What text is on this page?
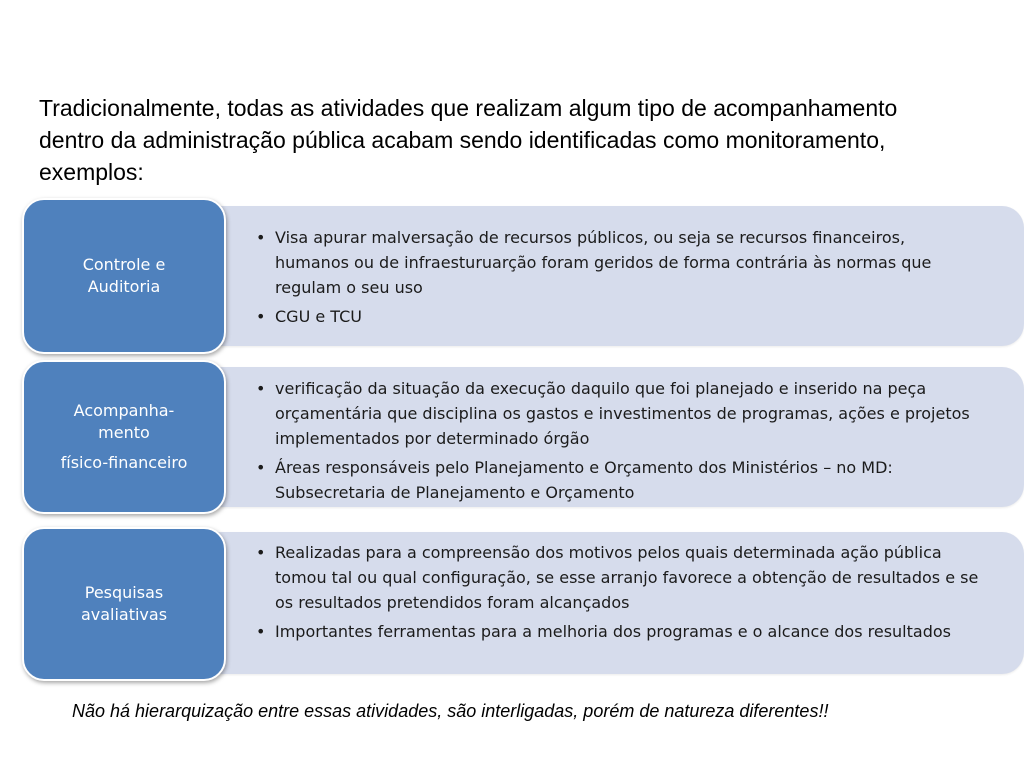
Tradicionalmente, todas as atividades que realizam algum tipo de acompanhamento dentro da administração pública acabam sendo identificadas como monitoramento, exemplos:
Controle e
Auditoria
• Visa apurar malversação de recursos públicos, ou seja se recursos financeiros, humanos ou de infraesturuarção foram geridos de forma contrária às normas que regulam o seu uso
• CGU e TCU
Acompanha-
mento
físico-financeiro
• verificação da situação da execução daquilo que foi planejado e inserido na peça orçamentária que disciplina os gastos e investimentos de programas, ações e projetos implementados por determinado órgão
• Áreas responsáveis pelo Planejamento e Orçamento dos Ministérios – no MD: Subsecretaria de Planejamento e Orçamento
Pesquisas
avaliativas
• Realizadas para a compreensão dos motivos pelos quais determinada ação pública tomou tal ou qual configuração, se esse arranjo favorece a obtenção de resultados e se os resultados pretendidos foram alcançados
• Importantes ferramentas para a melhoria dos programas e o alcance dos resultados
Não há hierarquização entre essas atividades, são interligadas, porém de natureza diferentes!!
